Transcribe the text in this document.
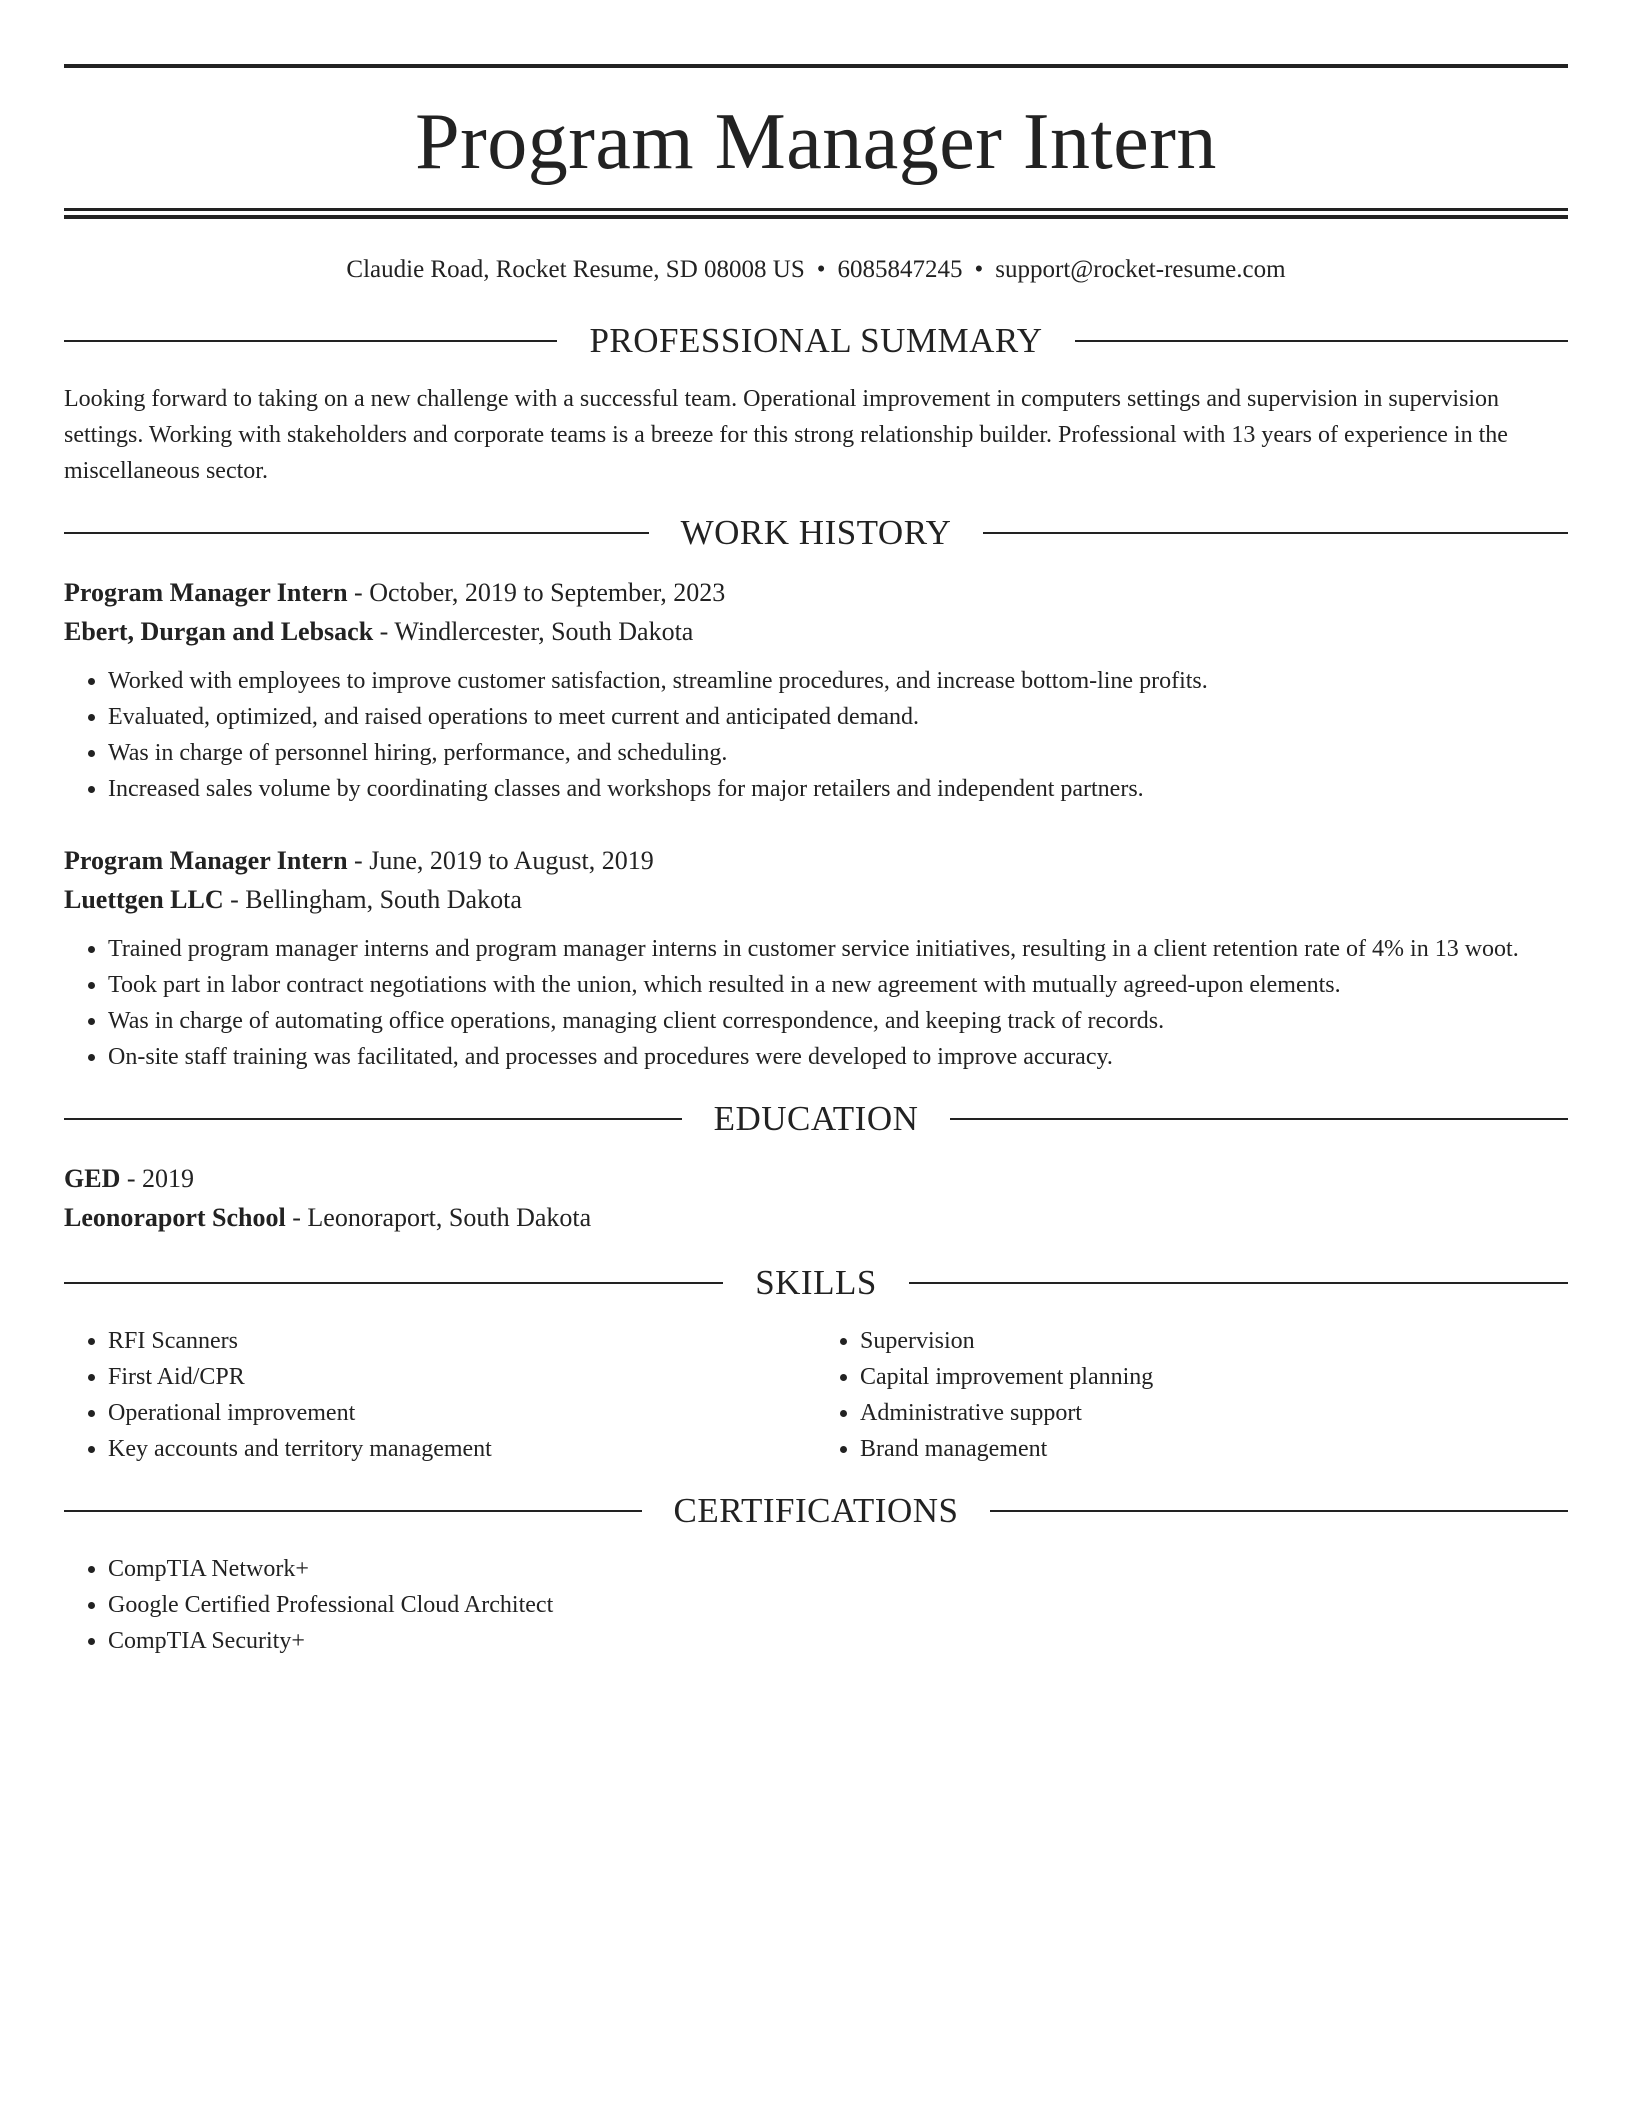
Program Manager Intern
Claudie Road, Rocket Resume, SD 08008 US • 6085847245 • support@rocket-resume.com
PROFESSIONAL SUMMARY

Looking forward to taking on a new challenge with a successful team. Operational improvement in computers settings and supervision in supervision settings. Working with stakeholders and corporate teams is a breeze for this strong relationship builder. Professional with 13 years of experience in the miscellaneous sector.

WORK HISTORY

Program Manager Intern - October, 2019 to September, 2023

Ebert, Durgan and Lebsack - Windlercester, South Dakota

• Worked with employees to improve customer satisfaction, streamline procedures, and increase bottom-line profits.
• Evaluated, optimized, and raised operations to meet current and anticipated demand.
• Was in charge of personnel hiring, performance, and scheduling.
• Increased sales volume by coordinating classes and workshops for major retailers and independent partners.

Program Manager Intern - June, 2019 to August, 2019

Luettgen LLC - Bellingham, South Dakota

• Trained program manager interns and program manager interns in customer service initiatives, resulting in a client retention rate of 4% in 13 woot.
• Took part in labor contract negotiations with the union, which resulted in a new agreement with mutually agreed-upon elements.
• Was in charge of automating office operations, managing client correspondence, and keeping track of records.
• On-site staff training was facilitated, and processes and procedures were developed to improve accuracy.
EDUCATION

GED - 2019

Leonoraport School - Leonoraport, South Dakota

SKILLS
• RFI Scanners
• First Aid/CPR
• Operational improvement
• Key accounts and territory management
• Supervision
• Capital improvement planning
• Administrative support
• Brand management
CERTIFICATIONS
• CompTIA Network+
• Google Certified Professional Cloud Architect
• CompTIA Security+
